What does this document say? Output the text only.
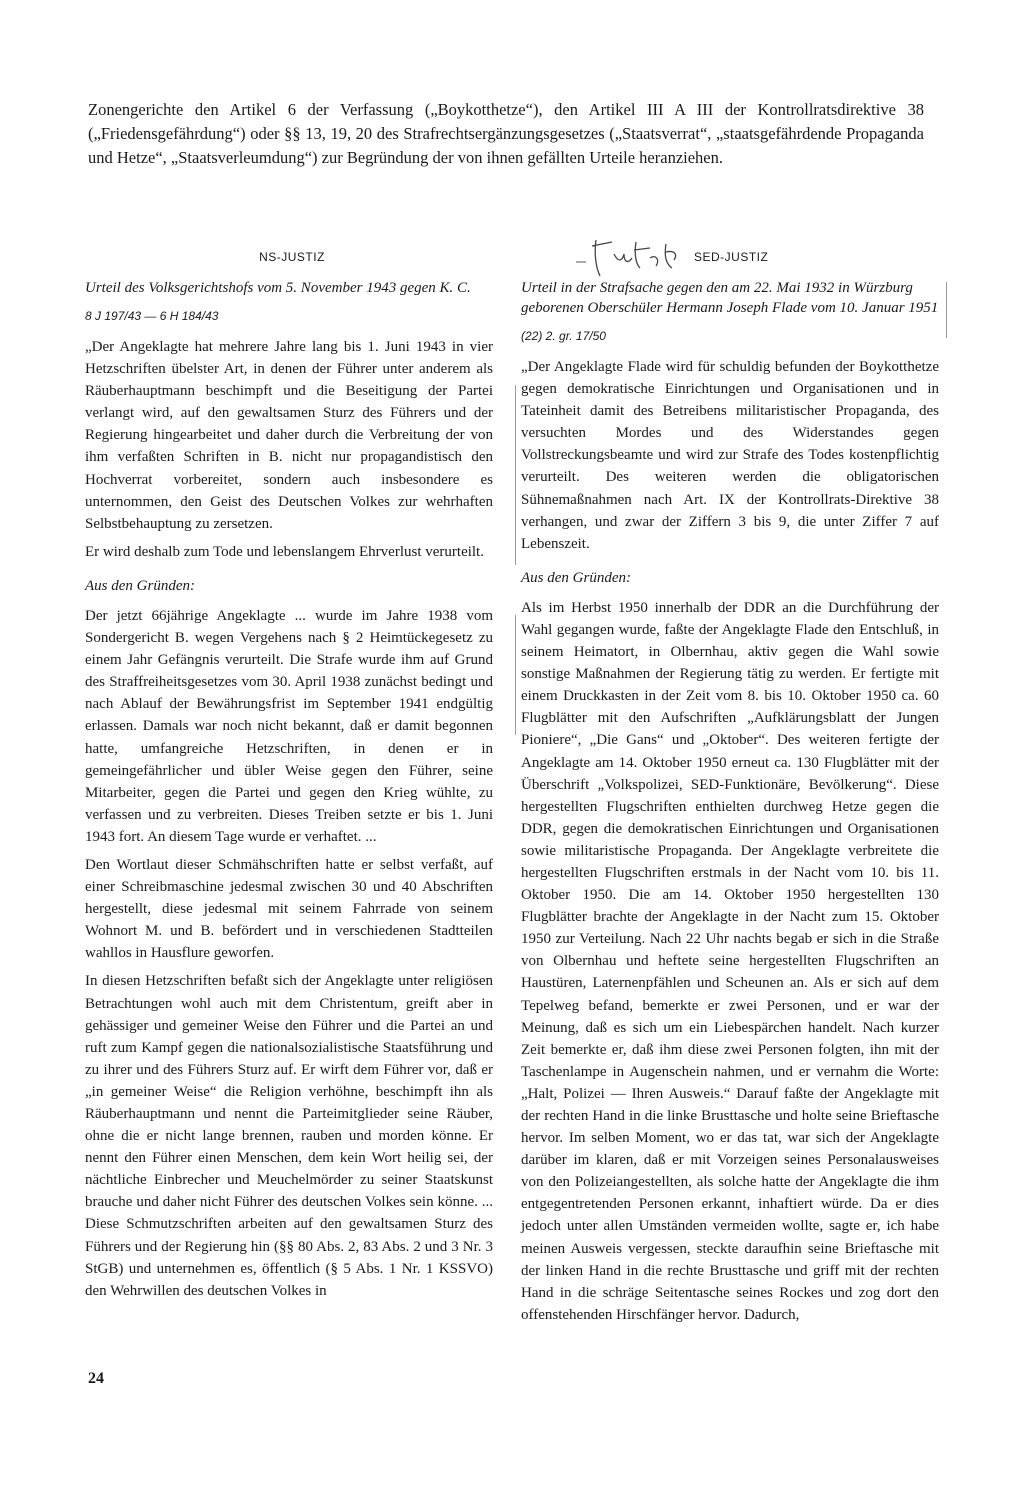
Zonengerichte den Artikel 6 der Verfassung („Boykotthetze“), den Artikel III A III der Kontrollratsdirektive 38 („Friedensgefährdung“) oder §§ 13, 19, 20 des Strafrechtsergänzungsgesetzes („Staatsverrat“, „staatsgefährdende Propaganda und Hetze“, „Staatsverleumdung“) zur Begründung der von ihnen gefällten Urteile heranziehen.

NS-JUSTIZ

Urteil des Volksgerichtshofs vom 5. November 1943 gegen K. C.

8 J 197/43 — 6 H 184/43

„Der Angeklagte hat mehrere Jahre lang bis 1. Juni 1943 in vier Hetzschriften übelster Art, in denen der Führer unter anderem als Räuberhauptmann beschimpft und die Beseitigung der Partei verlangt wird, auf den gewaltsamen Sturz des Führers und der Regierung hingearbeitet und daher durch die Verbreitung der von ihm verfaßten Schriften in B. nicht nur propagandistisch den Hochverrat vorbereitet, sondern auch insbesondere es unternommen, den Geist des Deutschen Volkes zur wehrhaften Selbstbehauptung zu zersetzen.

Er wird deshalb zum Tode und lebenslangem Ehrverlust verurteilt.

Aus den Gründen:

Der jetzt 66jährige Angeklagte ... wurde im Jahre 1938 vom Sondergericht B. wegen Vergehens nach § 2 Heimtückegesetz zu einem Jahr Gefängnis verurteilt. Die Strafe wurde ihm auf Grund des Straffreiheitsgesetzes vom 30. April 1938 zunächst bedingt und nach Ablauf der Bewährungsfrist im September 1941 endgültig erlassen. Damals war noch nicht bekannt, daß er damit begonnen hatte, umfangreiche Hetzschriften, in denen er in gemeingefährlicher und übler Weise gegen den Führer, seine Mitarbeiter, gegen die Partei und gegen den Krieg wühlte, zu verfassen und zu verbreiten. Dieses Treiben setzte er bis 1. Juni 1943 fort. An diesem Tage wurde er verhaftet. ...

Den Wortlaut dieser Schmähschriften hatte er selbst verfaßt, auf einer Schreibmaschine jedesmal zwischen 30 und 40 Abschriften hergestellt, diese jedesmal mit seinem Fahrrade von seinem Wohnort M. und B. befördert und in verschiedenen Stadtteilen wahllos in Hausflure geworfen.

In diesen Hetzschriften befaßt sich der Angeklagte unter religiösen Betrachtungen wohl auch mit dem Christentum, greift aber in gehässiger und gemeiner Weise den Führer und die Partei an und ruft zum Kampf gegen die nationalsozialistische Staatsführung und zu ihrer und des Führers Sturz auf. Er wirft dem Führer vor, daß er „in gemeiner Weise“ die Religion verhöhne, beschimpft ihn als Räuberhauptmann und nennt die Parteimitglieder seine Räuber, ohne die er nicht lange brennen, rauben und morden könne. Er nennt den Führer einen Menschen, dem kein Wort heilig sei, der nächtliche Einbrecher und Meuchelmörder zu seiner Staatskunst brauche und daher nicht Führer des deutschen Volkes sein könne. ... Diese Schmutzschriften arbeiten auf den gewaltsamen Sturz des Führers und der Regierung hin (§§ 80 Abs. 2, 83 Abs. 2 und 3 Nr. 3 StGB) und unternehmen es, öffentlich (§ 5 Abs. 1 Nr. 1 KSSVO) den Wehrwillen des deutschen Volkes in

SED-JUSTIZ

Urteil in der Strafsache gegen den am 22. Mai 1932 in Würzburg geborenen Oberschüler Hermann Joseph Flade vom 10. Januar 1951

(22) 2. gr. 17/50

„Der Angeklagte Flade wird für schuldig befunden der Boykotthetze gegen demokratische Einrichtungen und Organisationen und in Tateinheit damit des Betreibens militaristischer Propaganda, des versuchten Mordes und des Widerstandes gegen Vollstreckungsbeamte und wird zur Strafe des Todes kostenpflichtig verurteilt. Des weiteren werden die obligatorischen Sühnemaßnahmen nach Art. IX der Kontrollrats-Direktive 38 verhangen, und zwar der Ziffern 3 bis 9, die unter Ziffer 7 auf Lebenszeit.

Aus den Gründen:

Als im Herbst 1950 innerhalb der DDR an die Durchführung der Wahl gegangen wurde, faßte der Angeklagte Flade den Entschluß, in seinem Heimatort, in Olbernhau, aktiv gegen die Wahl sowie sonstige Maßnahmen der Regierung tätig zu werden. Er fertigte mit einem Druckkasten in der Zeit vom 8. bis 10. Oktober 1950 ca. 60 Flugblätter mit den Aufschriften „Aufklärungsblatt der Jungen Pioniere“, „Die Gans“ und „Oktober“. Des weiteren fertigte der Angeklagte am 14. Oktober 1950 erneut ca. 130 Flugblätter mit der Überschrift „Volkspolizei, SED-Funktionäre, Bevölkerung“. Diese hergestellten Flugschriften enthielten durchweg Hetze gegen die DDR, gegen die demokratischen Einrichtungen und Organisationen sowie militaristische Propaganda. Der Angeklagte verbreitete die hergestellten Flugschriften erstmals in der Nacht vom 10. bis 11. Oktober 1950. Die am 14. Oktober 1950 hergestellten 130 Flugblätter brachte der Angeklagte in der Nacht zum 15. Oktober 1950 zur Verteilung. Nach 22 Uhr nachts begab er sich in die Straße von Olbernhau und heftete seine hergestellten Flugschriften an Haustüren, Laternenpfählen und Scheunen an. Als er sich auf dem Tepelweg befand, bemerkte er zwei Personen, und er war der Meinung, daß es sich um ein Liebespärchen handelt. Nach kurzer Zeit bemerkte er, daß ihm diese zwei Personen folgten, ihn mit der Taschenlampe in Augenschein nahmen, und er vernahm die Worte: „Halt, Polizei — Ihren Ausweis.“ Darauf faßte der Angeklagte mit der rechten Hand in die linke Brusttasche und holte seine Brieftasche hervor. Im selben Moment, wo er das tat, war sich der Angeklagte darüber im klaren, daß er mit Vorzeigen seines Personalausweises von den Polizeiangestellten, als solche hatte der Angeklagte die ihm entgegentretenden Personen erkannt, inhaftiert würde. Da er dies jedoch unter allen Umständen vermeiden wollte, sagte er, ich habe meinen Ausweis vergessen, steckte daraufhin seine Brieftasche mit der linken Hand in die rechte Brusttasche und griff mit der rechten Hand in die schräge Seitentasche seines Rockes und zog dort den offenstehenden Hirschfänger hervor. Dadurch,

24
